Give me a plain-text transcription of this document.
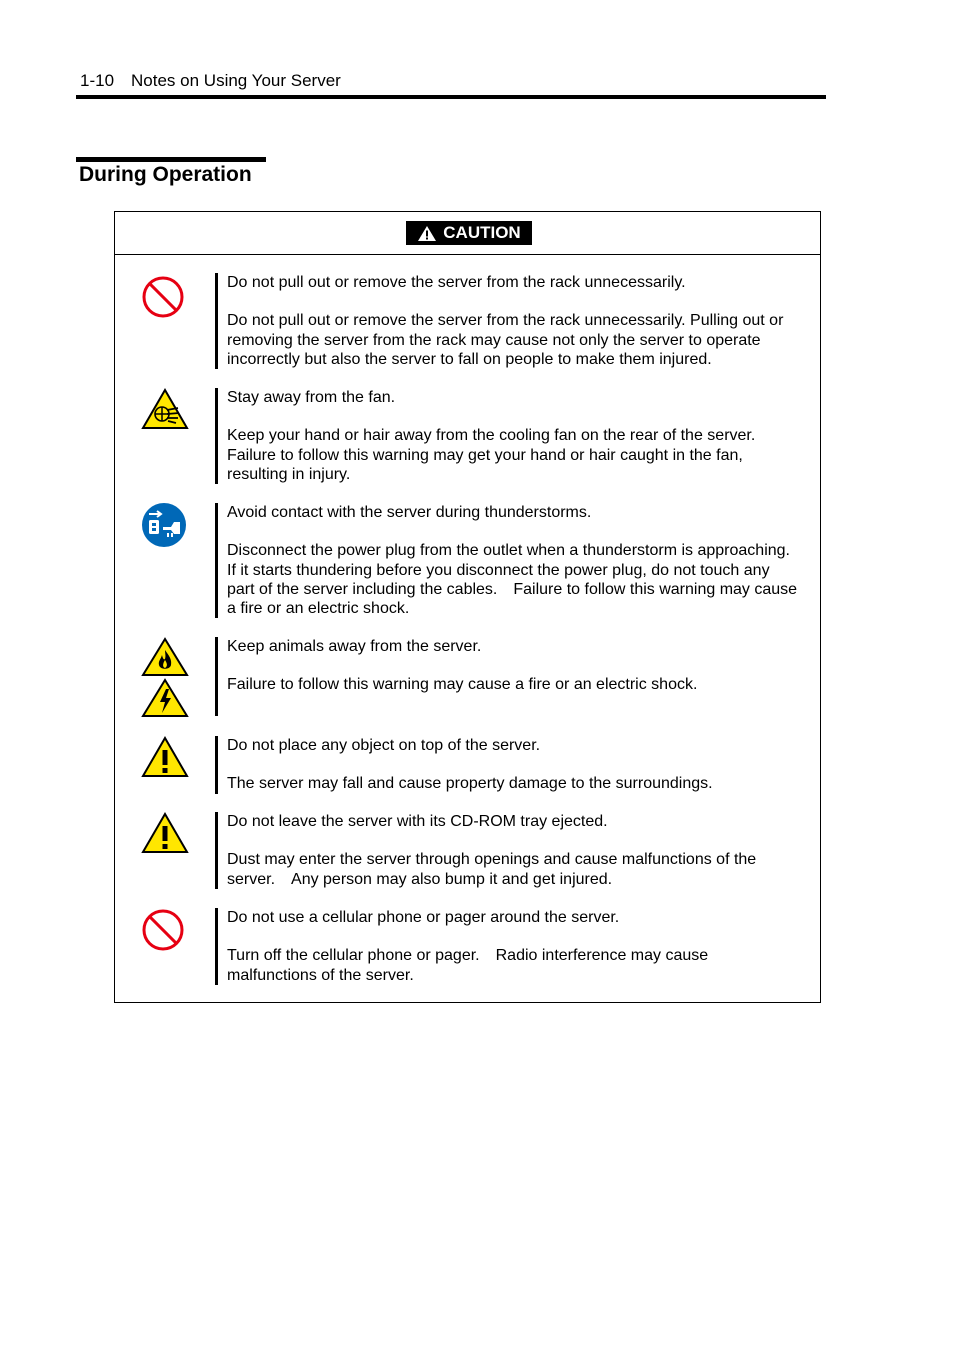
1-10　Notes on Using Your Server
During Operation
CAUTION

Do not pull out or remove the server from the rack unnecessarily.

Do not pull out or remove the server from the rack unnecessarily. Pulling out or

removing the server from the rack may cause not only the server to operate

incorrectly but also the server to fall on people to make them injured.

Stay away from the fan.

Keep your hand or hair away from the cooling fan on the rear of the server.

Failure to follow this warning may get your hand or hair caught in the fan,

resulting in injury.

Avoid contact with the server during thunderstorms.

Disconnect the power plug from the outlet when a thunderstorm is approaching.

If it starts thundering before you disconnect the power plug, do not touch any

part of the server including the cables.　Failure to follow this warning may cause

a fire or an electric shock.

Keep animals away from the server.

Failure to follow this warning may cause a fire or an electric shock.

Do not place any object on top of the server.

The server may fall and cause property damage to the surroundings.

Do not leave the server with its CD-ROM tray ejected.

Dust may enter the server through openings and cause malfunctions of the

server.　Any person may also bump it and get injured.

Do not use a cellular phone or pager around the server.

Turn off the cellular phone or pager.　Radio interference may cause

malfunctions of the server.
